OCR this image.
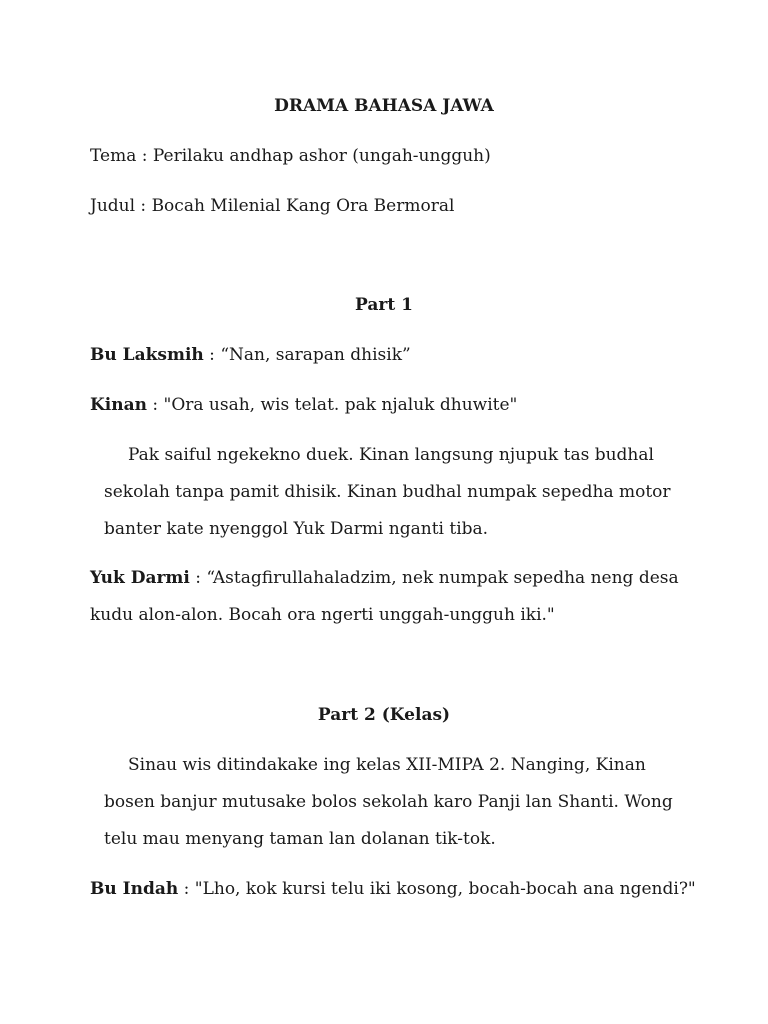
DRAMA BAHASA JAWA
Tema : Perilaku andhap ashor (ungah-ungguh)
Judul : Bocah Milenial Kang Ora Bermoral
Part 1
Bu Laksmih : “Nan, sarapan dhisik”
Kinan : "Ora usah, wis telat. pak njaluk dhuwite"
Pak saiful ngekekno duek. Kinan langsung njupuk tas budhal
sekolah tanpa pamit dhisik. Kinan budhal numpak sepedha motor
banter kate nyenggol Yuk Darmi nganti tiba.
Yuk Darmi : “Astagfirullahaladzim, nek numpak sepedha neng desa
kudu alon-alon. Bocah ora ngerti unggah-ungguh iki."
Part 2 (Kelas)
Sinau wis ditindakake ing kelas XII-MIPA 2. Nanging, Kinan
bosen banjur mutusake bolos sekolah karo Panji lan Shanti. Wong
telu mau menyang taman lan dolanan tik-tok.
Bu Indah : "Lho, kok kursi telu iki kosong, bocah-bocah ana ngendi?"
